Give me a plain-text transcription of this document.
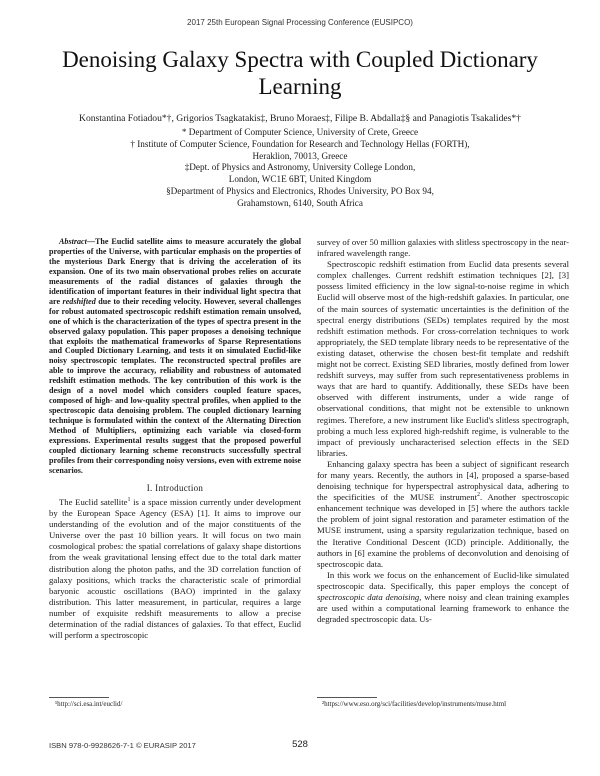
2017 25th European Signal Processing Conference (EUSIPCO)
Denoising Galaxy Spectra with Coupled Dictionary Learning
Konstantina Fotiadou*†, Grigorios Tsagkatakis‡, Bruno Moraes‡, Filipe B. Abdalla‡§ and Panagiotis Tsakalides*†
* Department of Computer Science, University of Crete, Greece
† Institute of Computer Science, Foundation for Research and Technology Hellas (FORTH),
Heraklion, 70013, Greece
‡Dept. of Physics and Astronomy, University College London,
London, WC1E 6BT, United Kingdom
§Department of Physics and Electronics, Rhodes University, PO Box 94,
Grahamstown, 6140, South Africa

Abstract—The Euclid satellite aims to measure accurately the global properties of the Universe, with particular emphasis on the properties of the mysterious Dark Energy that is driving the acceleration of its expansion. One of its two main observational probes relies on accurate measurements of the radial distances of galaxies through the identification of important features in their individual light spectra that are redshifted due to their receding velocity. However, several challenges for robust automated spectroscopic redshift estimation remain unsolved, one of which is the characterization of the types of spectra present in the observed galaxy population. This paper proposes a denoising technique that exploits the mathematical frameworks of Sparse Representations and Coupled Dictionary Learning, and tests it on simulated Euclid-like noisy spectroscopic templates. The reconstructed spectral profiles are able to improve the accuracy, reliability and robustness of automated redshift estimation methods. The key contribution of this work is the design of a novel model which considers coupled feature spaces, composed of high- and low-quality spectral profiles, when applied to the spectroscopic data denoising problem. The coupled dictionary learning technique is formulated within the context of the Alternating Direction Method of Multipliers, optimizing each variable via closed-form expressions. Experimental results suggest that the proposed powerful coupled dictionary learning scheme reconstructs successfully spectral profiles from their corresponding noisy versions, even with extreme noise scenarios.

I. Introduction

The Euclid satellite$^1$ is a space mission currently under development by the European Space Agency (ESA) [1]. It aims to improve our understanding of the evolution and of the major constituents of the Universe over the past 10 billion years. It will focus on two main cosmological probes: the spatial correlations of galaxy shape distortions from the weak gravitational lensing effect due to the total dark matter distribution along the photon paths, and the 3D correlation function of galaxy positions, which tracks the characteristic scale of primordial baryonic acoustic oscillations (BAO) imprinted in the galaxy distribution. This latter measurement, in particular, requires a large number of exquisite redshift measurements to allow a precise determination of the radial distances of galaxies. To that effect, Euclid will perform a spectroscopic

survey of over 50 million galaxies with slitless spectroscopy in the near-infrared wavelength range.

Spectroscopic redshift estimation from Euclid data presents several complex challenges. Current redshift estimation techniques [2], [3] possess limited efficiency in the low signal-to-noise regime in which Euclid will observe most of the high-redshift galaxies. In particular, one of the main sources of systematic uncertainties is the definition of the spectral energy distributions (SEDs) templates required by the most redshift estimation methods. For cross-correlation techniques to work appropriately, the SED template library needs to be representative of the existing dataset, otherwise the chosen best-fit template and redshift might not be correct. Existing SED libraries, mostly defined from lower redshift surveys, may suffer from such representativeness problems in ways that are hard to quantify. Additionally, these SEDs have been observed with different instruments, under a wide range of observational conditions, that might not be extensible to unknown regimes. Therefore, a new instrument like Euclid's slitless spectrograph, probing a much less explored high-redshift regime, is vulnerable to the impact of previously uncharacterised selection effects in the SED libraries.

Enhancing galaxy spectra has been a subject of significant research for many years. Recently, the authors in [4], proposed a sparse-based denoising technique for hyperspectral astrophysical data, adhering to the specificities of the MUSE instrument$^2$. Another spectroscopic enhancement technique was developed in [5] where the authors tackle the problem of joint signal restoration and parameter estimation of the MUSE instrument, using a sparsity regularization technique, based on the Iterative Conditional Descent (ICD) principle. Additionally, the authors in [6] examine the problems of deconvolution and denoising of spectroscopic data.

In this work we focus on the enhancement of Euclid-like simulated spectroscopic data. Specifically, this paper employs the concept of spectroscopic data denoising, where noisy and clean training examples are used within a computational learning framework to enhance the degraded spectroscopic data. Us-

¹http://sci.esa.int/euclid/	²https://www.eso.org/sci/facilities/develop/instruments/muse.html
ISBN 978-0-9928626-7-1 © EURASIP 2017	528
